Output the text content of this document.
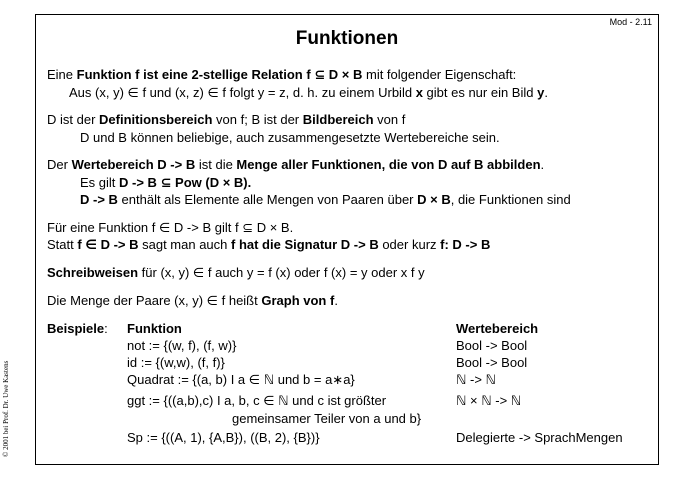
Mod - 2.11
Funktionen
© 2001 bei Prof. Dr. Uwe Kastens
Eine Funktion f ist eine 2-stellige Relation f ⊆ D × B mit folgender Eigenschaft:
Aus (x, y) ∈ f und (x, z) ∈ f folgt y = z, d. h. zu einem Urbild x gibt es nur ein Bild y.
D ist der Definitionsbereich von f; B ist der Bildbereich von f
D und B können beliebige, auch zusammengesetzte Wertebereiche sein.
Der Wertebereich D -> B ist die Menge aller Funktionen, die von D auf B abbilden.
Es gilt D -> B ⊆ Pow (D × B).
D -> B enthält als Elemente alle Mengen von Paaren über D × B, die Funktionen sind
Für eine Funktion f ∈ D -> B gilt f ⊆ D × B.
Statt f ∈ D -> B sagt man auch f hat die Signatur D -> B oder kurz f: D -> B
Schreibweisen für (x, y) ∈ f auch y = f (x) oder f (x) = y oder x f y
Die Menge der Paare (x, y) ∈ f heißt Graph von f.
Beispiele: Funktion	Wertebereich
not := {(w, f), (f, w)}	Bool -> Bool
id := {(w,w), (f, f)}	Bool -> Bool
Quadrat := {(a, b) I a ∈ ℕ und b = a∗a}	ℕ -> ℕ
ggt := {((a,b),c) I a, b, c ∈ ℕ und c ist größter	ℕ × ℕ -> ℕ
gemeinsamer Teiler von a und b}
Sp := {((A, 1), {A,B}), ((B, 2), {B})}	Delegierte -> SprachMengen
